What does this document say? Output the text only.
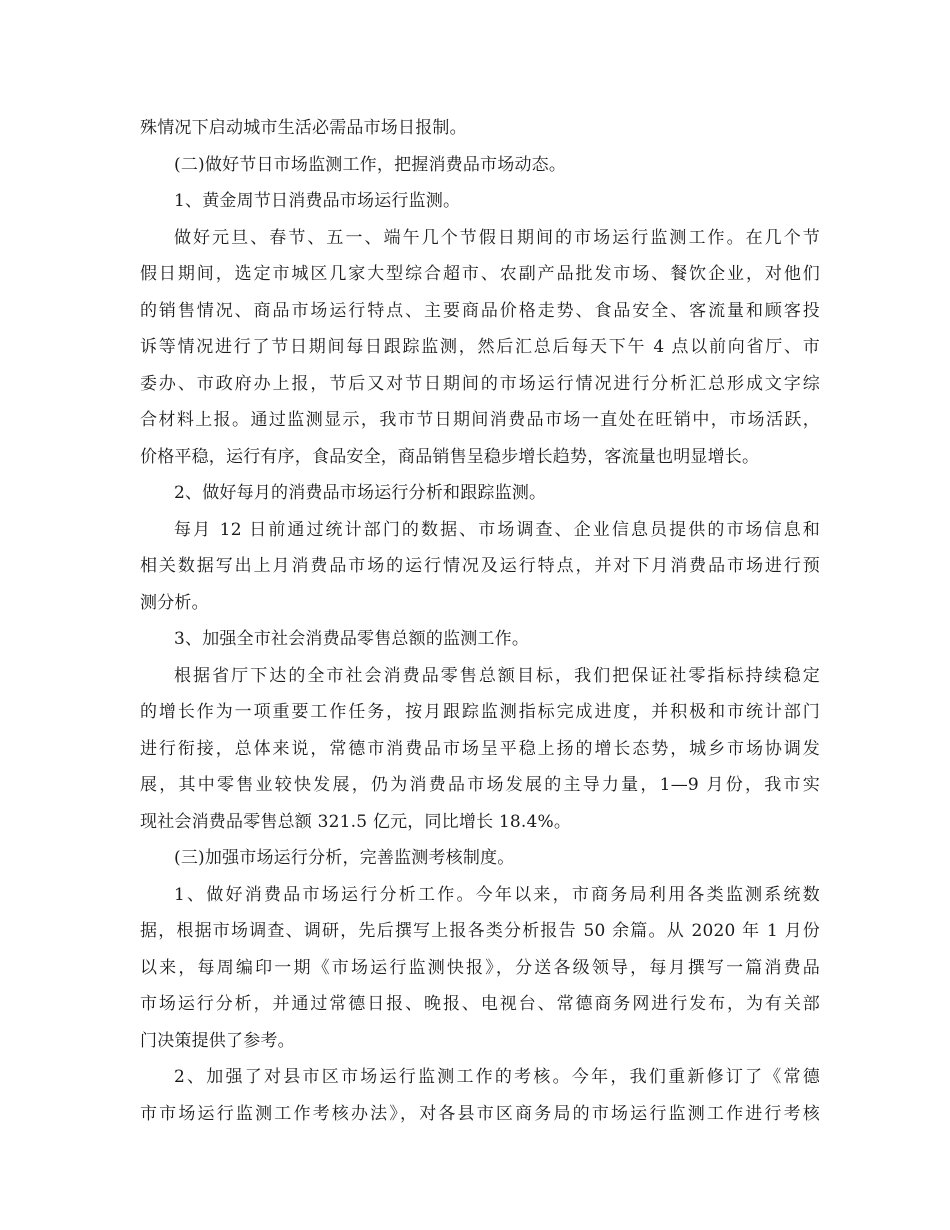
殊情况下启动城市生活必需品市场日报制。

(二)做好节日市场监测工作，把握消费品市场动态。

1、黄金周节日消费品市场运行监测。

做好元旦、春节、五一、端午几个节假日期间的市场运行监测工作。在几个节
假日期间，选定市城区几家大型综合超市、农副产品批发市场、餐饮企业，对他们
的销售情况、商品市场运行特点、主要商品价格走势、食品安全、客流量和顾客投
诉等情况进行了节日期间每日跟踪监测，然后汇总后每天下午 4 点以前向省厅、市
委办、市政府办上报，节后又对节日期间的市场运行情况进行分析汇总形成文字综
合材料上报。通过监测显示，我市节日期间消费品市场一直处在旺销中，市场活跃，
价格平稳，运行有序，食品安全，商品销售呈稳步增长趋势，客流量也明显增长。

2、做好每月的消费品市场运行分析和跟踪监测。

每月 12 日前通过统计部门的数据、市场调查、企业信息员提供的市场信息和
相关数据写出上月消费品市场的运行情况及运行特点，并对下月消费品市场进行预
测分析。

3、加强全市社会消费品零售总额的监测工作。

根据省厅下达的全市社会消费品零售总额目标，我们把保证社零指标持续稳定
的增长作为一项重要工作任务，按月跟踪监测指标完成进度，并积极和市统计部门
进行衔接，总体来说，常德市消费品市场呈平稳上扬的增长态势，城乡市场协调发
展，其中零售业较快发展，仍为消费品市场发展的主导力量，1—9 月份，我市实
现社会消费品零售总额 321.5 亿元，同比增长 18.4%。

(三)加强市场运行分析，完善监测考核制度。

1、做好消费品市场运行分析工作。今年以来，市商务局利用各类监测系统数
据，根据市场调查、调研，先后撰写上报各类分析报告 50 余篇。从 2020 年 1 月份
以来，每周编印一期《市场运行监测快报》，分送各级领导，每月撰写一篇消费品
市场运行分析，并通过常德日报、晚报、电视台、常德商务网进行发布，为有关部
门决策提供了参考。

2、加强了对县市区市场运行监测工作的考核。今年，我们重新修订了《常德
市市场运行监测工作考核办法》，对各县市区商务局的市场运行监测工作进行考核
